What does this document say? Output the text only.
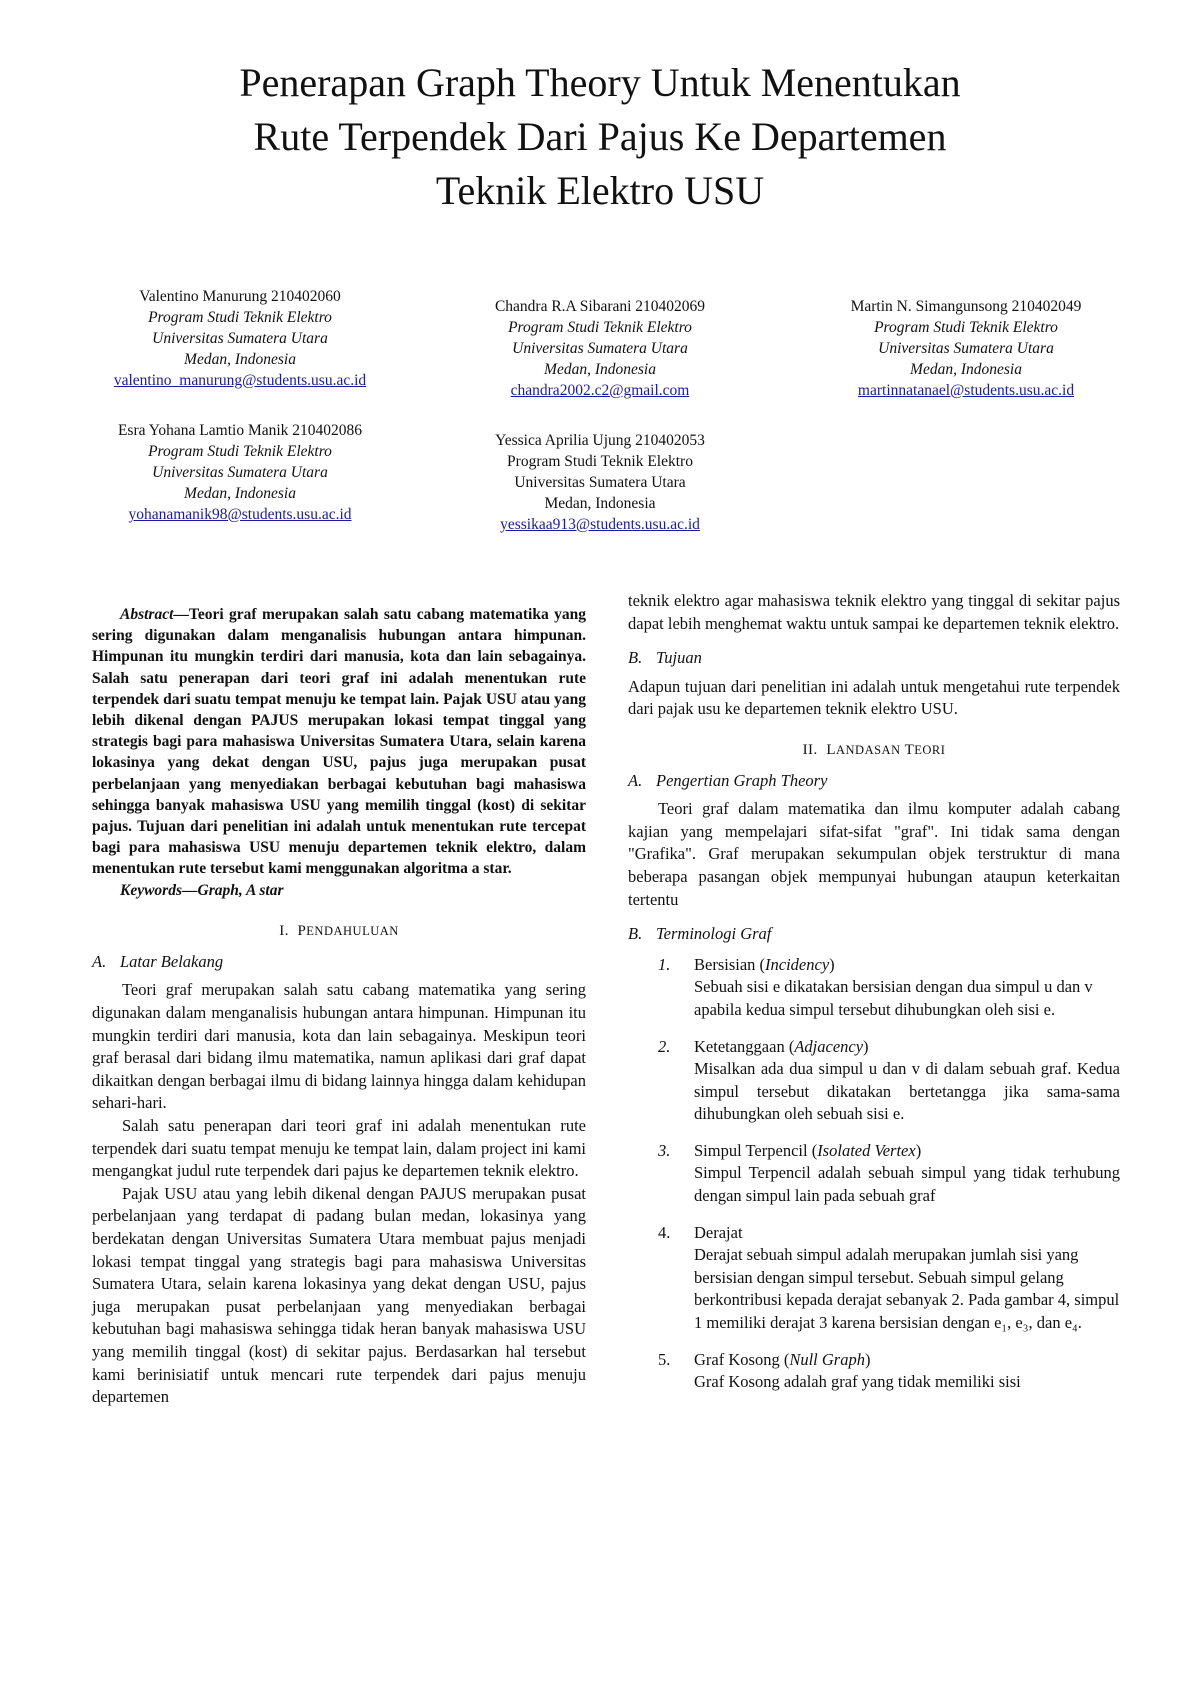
Penerapan Graph Theory Untuk Menentukan
Rute Terpendek Dari Pajus Ke Departemen
Teknik Elektro USU
Valentino Manurung 210402060
Program Studi Teknik Elektro
Universitas Sumatera Utara
Medan, Indonesia
valentino_manurung@students.usu.ac.id
Chandra R.A Sibarani 210402069
Program Studi Teknik Elektro
Universitas Sumatera Utara
Medan, Indonesia
chandra2002.c2@gmail.com
Martin N. Simangunsong 210402049
Program Studi Teknik Elektro
Universitas Sumatera Utara
Medan, Indonesia
martinnatanael@students.usu.ac.id
Esra Yohana Lamtio Manik 210402086
Program Studi Teknik Elektro
Universitas Sumatera Utara
Medan, Indonesia
yohanamanik98@students.usu.ac.id
Yessica Aprilia Ujung 210402053
Program Studi Teknik Elektro
Universitas Sumatera Utara
Medan, Indonesia
yessikaa913@students.usu.ac.id

Abstract—Teori graf merupakan salah satu cabang matematika yang sering digunakan dalam menganalisis hubungan antara himpunan. Himpunan itu mungkin terdiri dari manusia, kota dan lain sebagainya. Salah satu penerapan dari teori graf ini adalah menentukan rute terpendek dari suatu tempat menuju ke tempat lain. Pajak USU atau yang lebih dikenal dengan PAJUS merupakan lokasi tempat tinggal yang strategis bagi para mahasiswa Universitas Sumatera Utara, selain karena lokasinya yang dekat dengan USU, pajus juga merupakan pusat perbelanjaan yang menyediakan berbagai kebutuhan bagi mahasiswa sehingga banyak mahasiswa USU yang memilih tinggal (kost) di sekitar pajus. Tujuan dari penelitian ini adalah untuk menentukan rute tercepat bagi para mahasiswa USU menuju departemen teknik elektro, dalam menentukan rute tersebut kami menggunakan algoritma a star.

Keywords—Graph, A star

I. PENDAHULUAN
A. Latar Belakang

Teori graf merupakan salah satu cabang matematika yang sering digunakan dalam menganalisis hubungan antara himpunan. Himpunan itu mungkin terdiri dari manusia, kota dan lain sebagainya. Meskipun teori graf berasal dari bidang ilmu matematika, namun aplikasi dari graf dapat dikaitkan dengan berbagai ilmu di bidang lainnya hingga dalam kehidupan sehari-hari.

Salah satu penerapan dari teori graf ini adalah menentukan rute terpendek dari suatu tempat menuju ke tempat lain, dalam project ini kami mengangkat judul rute terpendek dari pajus ke departemen teknik elektro.

Pajak USU atau yang lebih dikenal dengan PAJUS merupakan pusat perbelanjaan yang terdapat di padang bulan medan, lokasinya yang berdekatan dengan Universitas Sumatera Utara membuat pajus menjadi lokasi tempat tinggal yang strategis bagi para mahasiswa Universitas Sumatera Utara, selain karena lokasinya yang dekat dengan USU, pajus juga merupakan pusat perbelanjaan yang menyediakan berbagai kebutuhan bagi mahasiswa sehingga tidak heran banyak mahasiswa USU yang memilih tinggal (kost) di sekitar pajus. Berdasarkan hal tersebut kami berinisiatif untuk mencari rute terpendek dari pajus menuju departemen

teknik elektro agar mahasiswa teknik elektro yang tinggal di sekitar pajus dapat lebih menghemat waktu untuk sampai ke departemen teknik elektro.

B. Tujuan

Adapun tujuan dari penelitian ini adalah untuk mengetahui rute terpendek dari pajak usu ke departemen teknik elektro USU.

II. LANDASAN TEORI
A. Pengertian Graph Theory

Teori graf dalam matematika dan ilmu komputer adalah cabang kajian yang mempelajari sifat-sifat "graf". Ini tidak sama dengan "Grafika". Graf merupakan sekumpulan objek terstruktur di mana beberapa pasangan objek mempunyai hubungan ataupun keterkaitan tertentu

B. Terminologi Graf
1. Bersisian (Incidency)
Sebuah sisi e dikatakan bersisian dengan dua simpul u dan v apabila kedua simpul tersebut dihubungkan oleh sisi e.
2. Ketetanggaan (Adjacency)
Misalkan ada dua simpul u dan v di dalam sebuah graf. Kedua simpul tersebut dikatakan bertetangga jika sama-sama dihubungkan oleh sebuah sisi e.
3. Simpul Terpencil (Isolated Vertex)
Simpul Terpencil adalah sebuah simpul yang tidak terhubung dengan simpul lain pada sebuah graf
4. Derajat
Derajat sebuah simpul adalah merupakan jumlah sisi yang bersisian dengan simpul tersebut. Sebuah simpul gelang berkontribusi kepada derajat sebanyak 2. Pada gambar 4, simpul 1 memiliki derajat 3 karena bersisian dengan e₁, e₃, dan e₄.
5. Graf Kosong (Null Graph)
Graf Kosong adalah graf yang tidak memiliki sisi
